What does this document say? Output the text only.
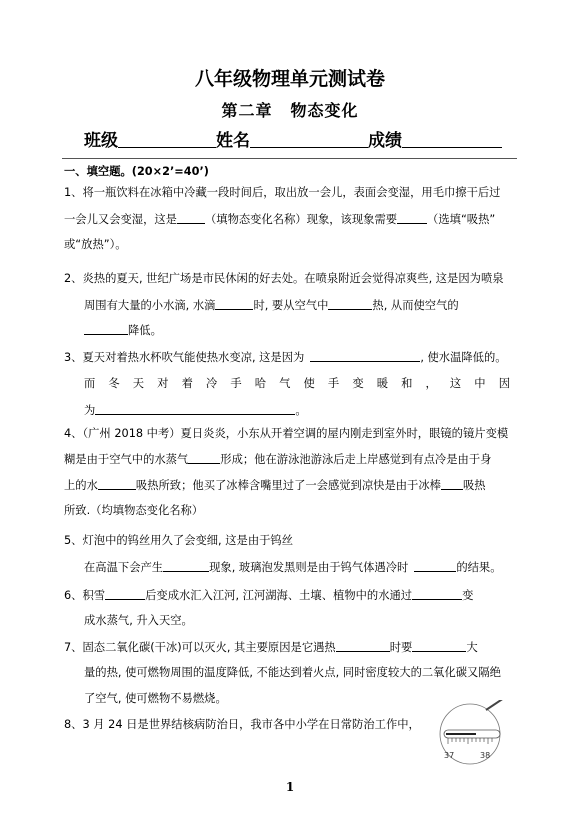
八年级物理单元测试卷
第二章 物态变化
班级	姓名	成绩
一、填空题。(20×2’=40’)
1、将一瓶饮料在冰箱中冷藏一段时间后，取出放一会儿，表面会变湿，用毛巾擦干后过
一会儿又会变湿，这是 （填物态变化名称）现象，该现象需要	（选填“吸热”
或“放热”）。
2、炎热的夏天, 世纪广场是市民休闲的好去处。在喷泉附近会觉得凉爽些, 这是因为喷泉
周围有大量的小水滴, 水滴	时, 要从空气中	热, 从而使空气的
降低。
3、夏天对着热水杯吹气能使热水变凉, 这是因为	, 使水温降低的。
而冬天对着冷手哈气使手变暖和，这中因
为	。
4、（广州 2018 中考）夏日炎炎，小东从开着空调的屋内刚走到室外时，眼镜的镜片变模
糊是由于空气中的水蒸气	形成；他在游泳池游泳后走上岸感觉到有点冷是由于身
上的水	吸热所致；他买了冰棒含嘴里过了一会感觉到凉快是由于冰棒 吸热
所致.（均填物态变化名称）
5、灯泡中的钨丝用久了会变细, 这是由于钨丝
在高温下会产生	现象, 玻璃泡发黑则是由于钨气体遇冷时	的结果。
6、积雪	后变成水汇入江河, 江河湖海、土壤、植物中的水通过	变
成水蒸气, 升入天空。
7、固态二氧化碳(干冰)可以灭火, 其主要原因是它遇热	时要	大
量的热, 使可燃物周围的温度降低, 不能达到着火点, 同时密度较大的二氧化碳又隔绝
了空气, 使可燃物不易燃烧。
8、3 月 24 日是世界结核病防治日，我市各中小学在日常防治工作中，
37	38
1
